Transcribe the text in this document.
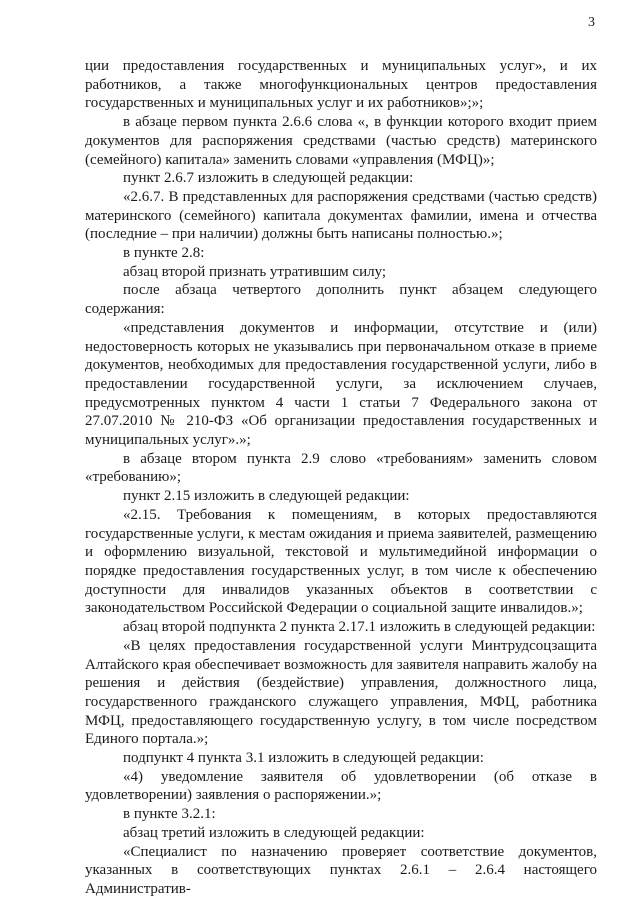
3

ции предоставления государственных и муниципальных услуг», и их работников, а также многофункциональных центров предоставления государственных и муниципальных услуг и их работников»;»;

в абзаце первом пункта 2.6.6 слова «, в функции которого входит прием документов для распоряжения средствами (частью средств) материнского (семейного) капитала» заменить словами «управления (МФЦ)»;

пункт 2.6.7 изложить в следующей редакции:

«2.6.7. В представленных для распоряжения средствами (частью средств) материнского (семейного) капитала документах фамилии, имена и отчества (последние – при наличии) должны быть написаны полностью.»;

в пункте 2.8:

абзац второй признать утратившим силу;

после абзаца четвертого дополнить пункт абзацем следующего содержания:

«представления документов и информации, отсутствие и (или) недостоверность которых не указывались при первоначальном отказе в приеме документов, необходимых для предоставления государственной услуги, либо в предоставлении государственной услуги, за исключением случаев, предусмотренных пунктом 4 части 1 статьи 7 Федерального закона от 27.07.2010 № 210-ФЗ «Об организации предоставления государственных и муниципальных услуг».»;

в абзаце втором пункта 2.9 слово «требованиям» заменить словом «требованию»;

пункт 2.15 изложить в следующей редакции:

«2.15. Требования к помещениям, в которых предоставляются государственные услуги, к местам ожидания и приема заявителей, размещению и оформлению визуальной, текстовой и мультимедийной информации о порядке предоставления государственных услуг, в том числе к обеспечению доступности для инвалидов указанных объектов в соответствии с законодательством Российской Федерации о социальной защите инвалидов.»;

абзац второй подпункта 2 пункта 2.17.1 изложить в следующей редакции:

«В целях предоставления государственной услуги Минтрудсоцзащита Алтайского края обеспечивает возможность для заявителя направить жалобу на решения и действия (бездействие) управления, должностного лица, государственного гражданского служащего управления, МФЦ, работника МФЦ, предоставляющего государственную услугу, в том числе посредством Единого портала.»;

подпункт 4 пункта 3.1 изложить в следующей редакции:

«4) уведомление заявителя об удовлетворении (об отказе в удовлетворении) заявления о распоряжении.»;

в пункте 3.2.1:

абзац третий изложить в следующей редакции:

«Специалист по назначению проверяет соответствие документов, указанных в соответствующих пунктах 2.6.1 – 2.6.4 настоящего Административ-
